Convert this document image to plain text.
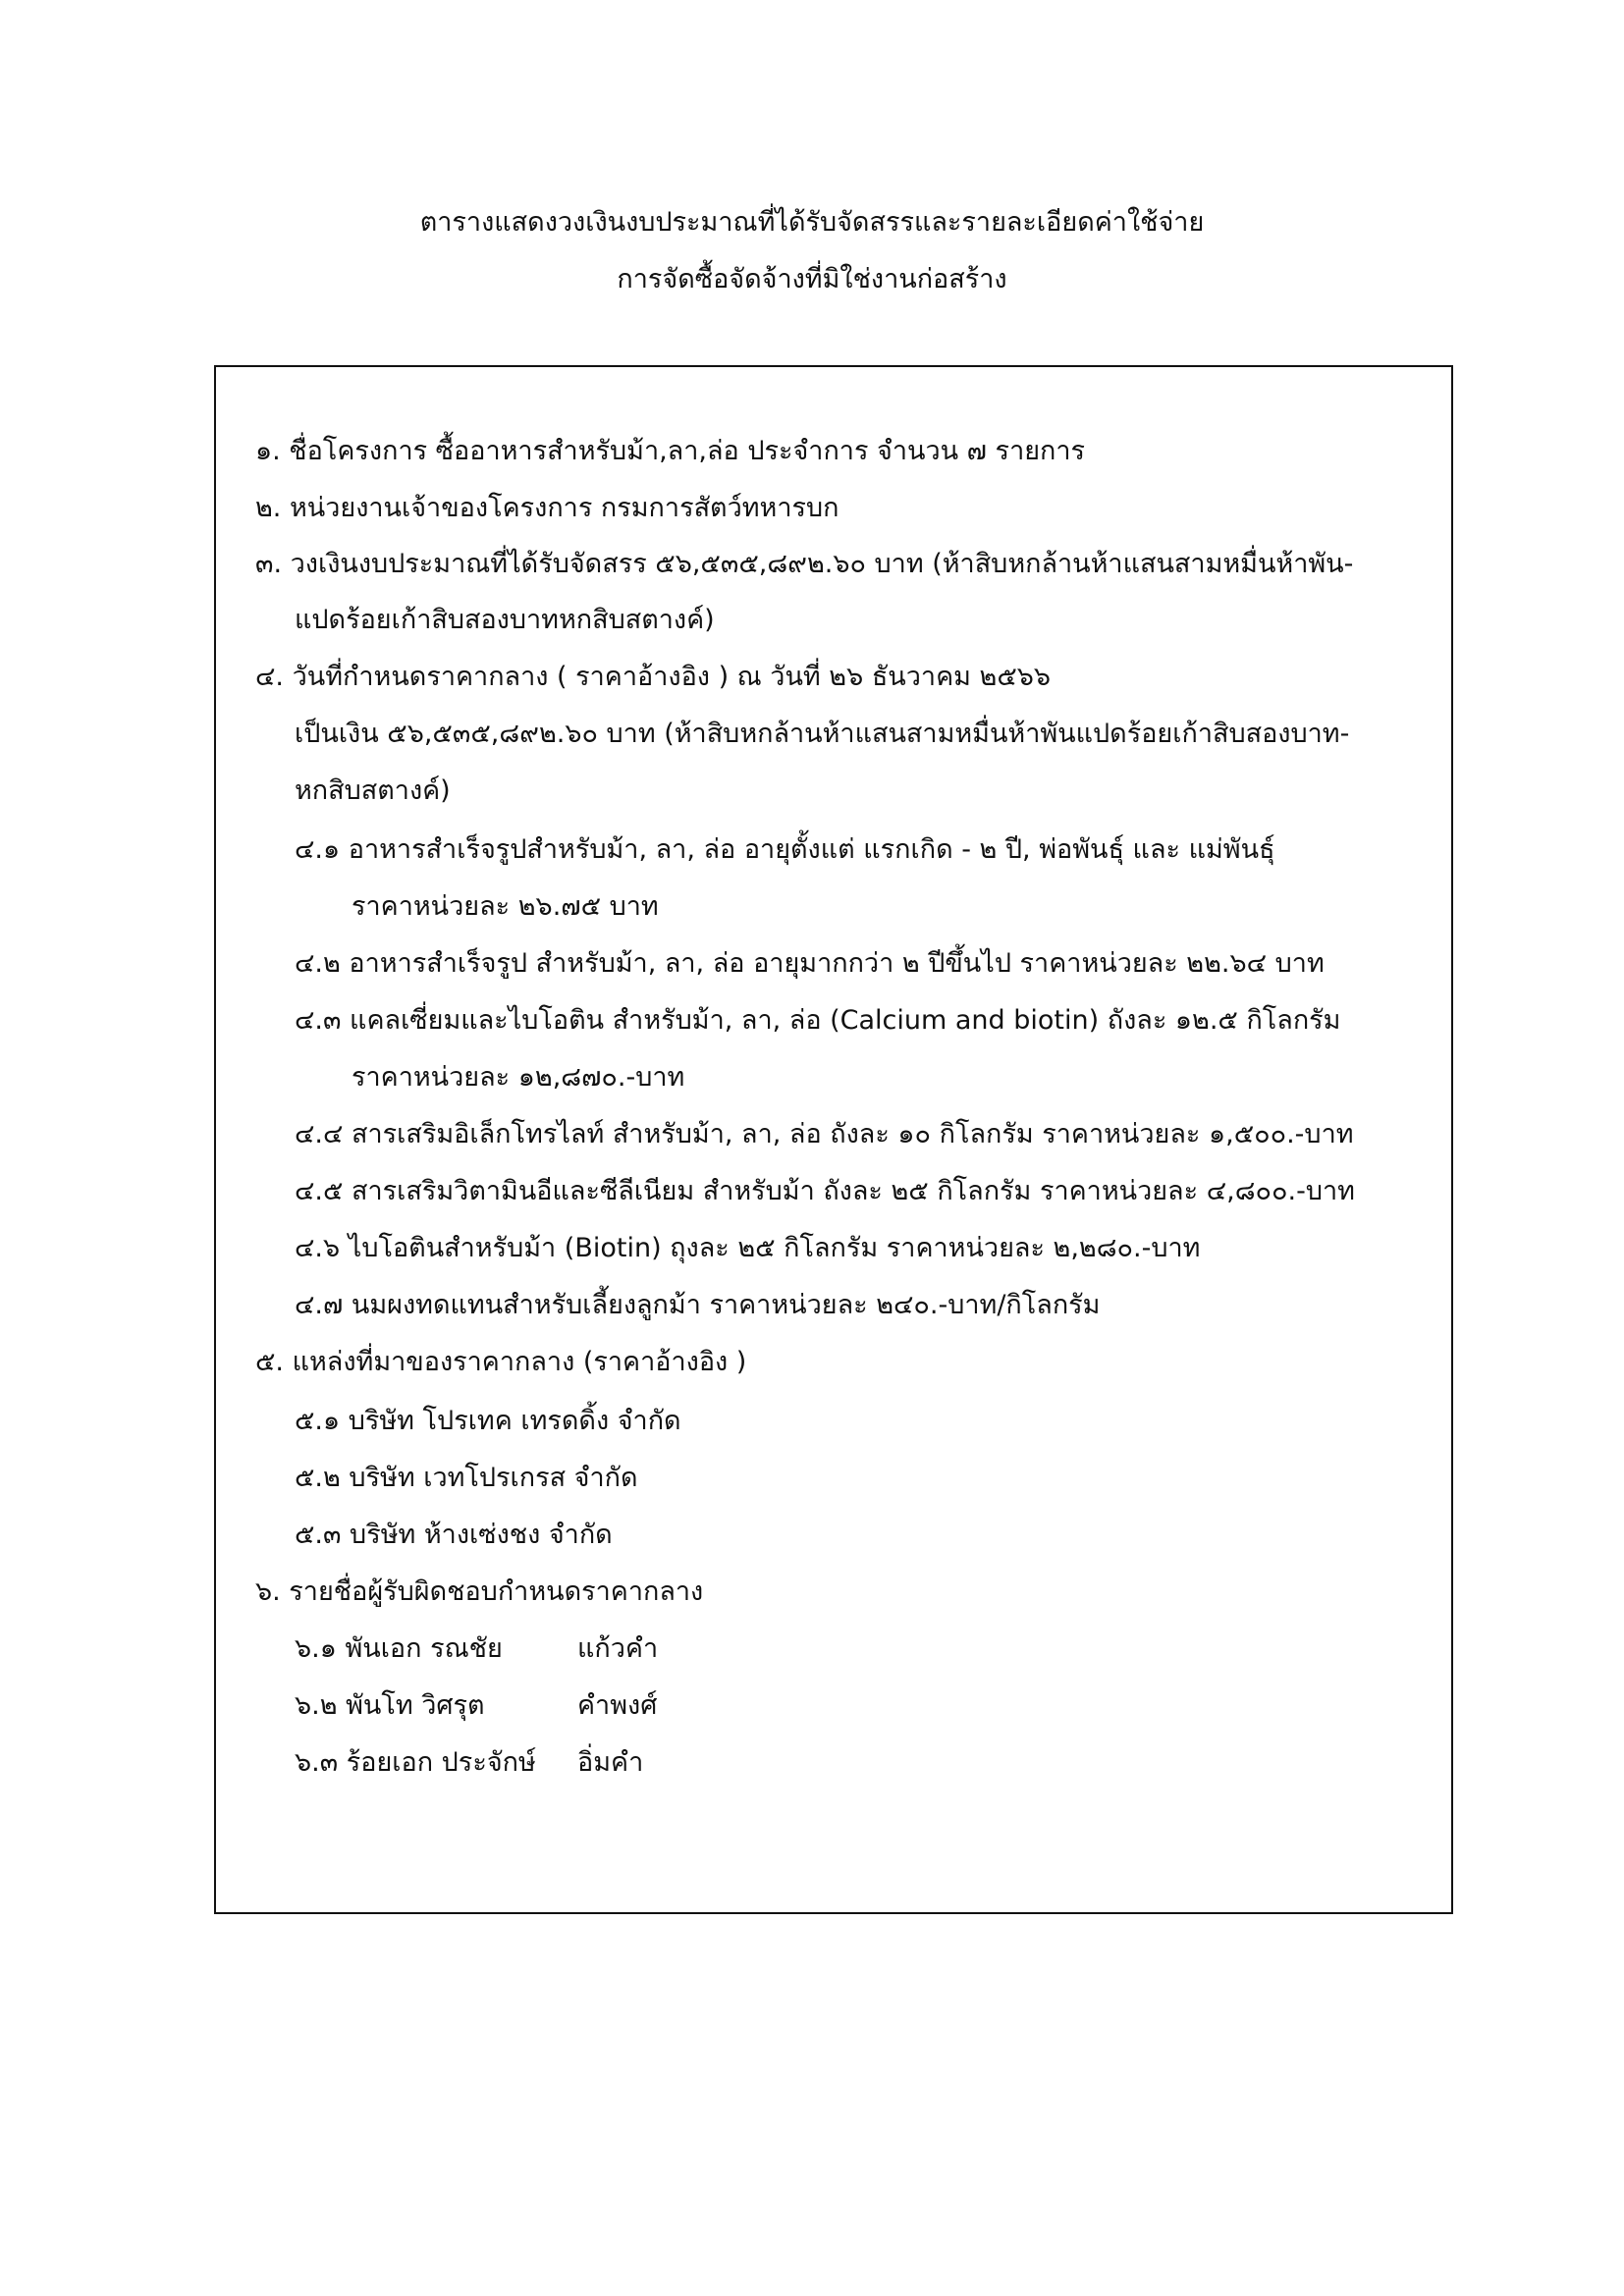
ตารางแสดงวงเงินงบประมาณที่ได้รับจัดสรรและรายละเอียดค่าใช้จ่าย
การจัดซื้อจัดจ้างที่มิใช่งานก่อสร้าง
๑. ชื่อโครงการ ซื้ออาหารสำหรับม้า,ลา,ล่อ ประจำการ จำนวน ๗ รายการ
๒. หน่วยงานเจ้าของโครงการ กรมการสัตว์ทหารบก
๓. วงเงินงบประมาณที่ได้รับจัดสรร ๕๖,๕๓๕,๘๙๒.๖๐ บาท (ห้าสิบหกล้านห้าแสนสามหมื่นห้าพัน-
แปดร้อยเก้าสิบสองบาทหกสิบสตางค์)
๔. วันที่กำหนดราคากลาง ( ราคาอ้างอิง ) ณ วันที่ ๒๖ ธันวาคม ๒๕๖๖
เป็นเงิน ๕๖,๕๓๕,๘๙๒.๖๐ บาท (ห้าสิบหกล้านห้าแสนสามหมื่นห้าพันแปดร้อยเก้าสิบสองบาท-
หกสิบสตางค์)
๔.๑ อาหารสำเร็จรูปสำหรับม้า, ลา, ล่อ อายุตั้งแต่ แรกเกิด - ๒ ปี, พ่อพันธุ์ และ แม่พันธุ์
ราคาหน่วยละ ๒๖.๗๕ บาท
๔.๒ อาหารสำเร็จรูป สำหรับม้า, ลา, ล่อ อายุมากกว่า ๒ ปีขึ้นไป ราคาหน่วยละ ๒๒.๖๔ บาท
๔.๓ แคลเซี่ยมและไบโอติน สำหรับม้า, ลา, ล่อ (Calcium and biotin) ถังละ ๑๒.๕ กิโลกรัม
ราคาหน่วยละ ๑๒,๘๗๐.-บาท
๔.๔ สารเสริมอิเล็กโทรไลท์ สำหรับม้า, ลา, ล่อ ถังละ ๑๐ กิโลกรัม ราคาหน่วยละ ๑,๕๐๐.-บาท
๔.๕ สารเสริมวิตามินอีและซีลีเนียม สำหรับม้า ถังละ ๒๕ กิโลกรัม ราคาหน่วยละ ๔,๘๐๐.-บาท
๔.๖ ไบโอตินสำหรับม้า (Biotin) ถุงละ ๒๕ กิโลกรัม ราคาหน่วยละ ๒,๒๘๐.-บาท
๔.๗ นมผงทดแทนสำหรับเลี้ยงลูกม้า ราคาหน่วยละ ๒๔๐.-บาท/กิโลกรัม
๕. แหล่งที่มาของราคากลาง (ราคาอ้างอิง )
๕.๑ บริษัท โปรเทค เทรดดิ้ง จำกัด
๕.๒ บริษัท เวทโปรเกรส จำกัด
๕.๓ บริษัท ห้างเซ่งชง จำกัด
๖. รายชื่อผู้รับผิดชอบกำหนดราคากลาง
๖.๑ พันเอก รณชัย	แก้วคำ
๖.๒ พันโท วิศรุต	คำพงศ์
๖.๓ ร้อยเอก ประจักษ์ อิ่มคำ
